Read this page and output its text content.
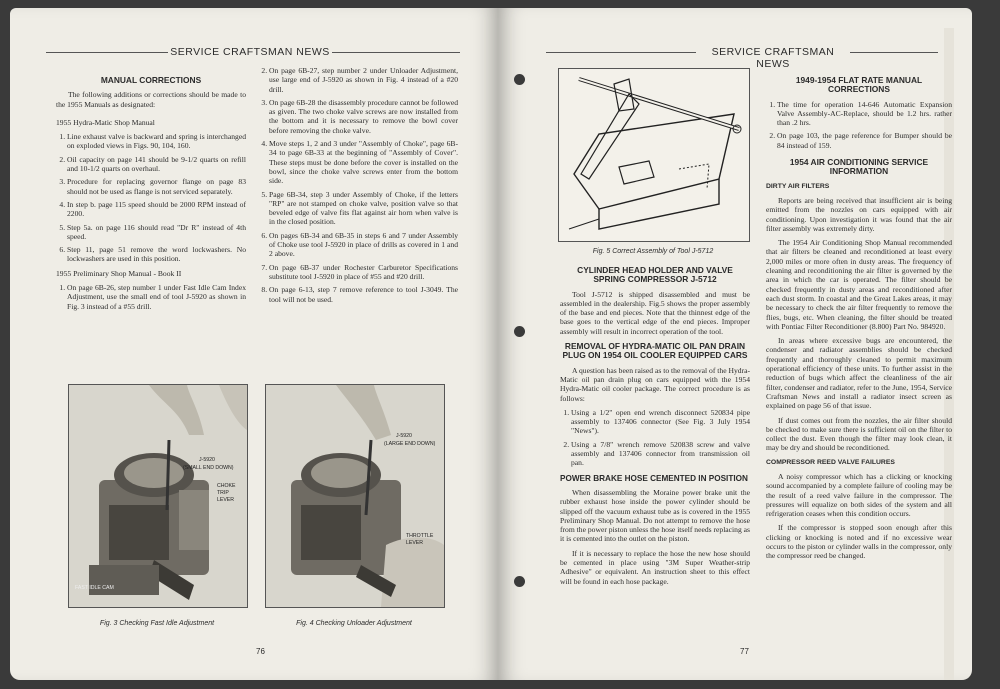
SERVICE CRAFTSMAN NEWS
MANUAL CORRECTIONS

The following additions or corrections should be made to the 1955 Manuals as designated:

1955 Hydra-Matic Shop Manual

1. Line exhaust valve is backward and spring is interchanged on exploded views in Figs. 90, 104, 160.
2. Oil capacity on page 141 should be 9-1/2 quarts on refill and 10-1/2 quarts on overhaul.
3. Procedure for replacing governor flange on page 83 should not be used as flange is not serviced separately.
4. In step b. page 115 speed should be 2000 RPM instead of 2200.
5. Step 5a. on page 116 should read "Dr R" instead of 4th speed.
6. Step 11, page 51 remove the word lockwashers. No lockwashers are used in this position.

1955 Preliminary Shop Manual - Book II

1. On page 6B-26, step number 1 under Fast Idle Cam Index Adjustment, use the small end of tool J-5920 as shown in Fig. 3 instead of a #55 drill.
2. On page 6B-27, step number 2 under Unloader Adjustment, use large end of J-5920 as shown in Fig. 4 instead of a #20 drill.
3. On page 6B-28 the disassembly procedure cannot be followed as given. The two choke valve screws are now installed from the bottom and it is necessary to remove the bowl cover before removing the choke valve.
4. Move steps 1, 2 and 3 under "Assembly of Choke", page 6B-34 to page 6B-33 at the beginning of "Assembly of Cover". These steps must be done before the cover is installed on the bowl, since the choke valve screws enter from the bottom side.
5. Page 6B-34, step 3 under Assembly of Choke, if the letters "RP" are not stamped on choke valve, position valve so that beveled edge of valve fits flat against air horn when valve is in the closed position.
6. On pages 6B-34 and 6B-35 in steps 6 and 7 under Assembly of Choke use tool J-5920 in place of drills as covered in 1 and 2 above.
7. On page 6B-37 under Rochester Carburetor Specifications substitute tool J-5920 in place of #55 and #20 drill.
8. On page 6-13, step 7 remove reference to tool J-3049. The tool will not be used.
J-5920
(SMALL END DOWN)
CHOKE
TRIP
LEVER
FAST IDLE CAM
Fig. 3 Checking Fast Idle Adjustment
J-5920
(LARGE END DOWN)
THROTTLE
LEVER
Fig. 4 Checking Unloader Adjustment
76
SERVICE CRAFTSMAN NEWS
Fig. 5 Correct Assembly of Tool J-5712
CYLINDER HEAD HOLDER AND VALVE SPRING COMPRESSOR J-5712

Tool J-5712 is shipped disassembled and must be assembled in the dealership. Fig.5 shows the proper assembly of the base and end pieces. Note that the thinnest edge of the base goes to the vertical edge of the end pieces. Improper assembly will result in incorrect operation of the tool.

REMOVAL OF HYDRA-MATIC OIL PAN DRAIN PLUG ON 1954 OIL COOLER EQUIPPED CARS

A question has been raised as to the removal of the Hydra-Matic oil pan drain plug on cars equipped with the 1954 Hydra-Matic oil cooler package. The correct procedure is as follows:

1. Using a 1/2" open end wrench disconnect 520834 pipe assembly to 137406 connector (See Fig. 3 July 1954 "News").
2. Using a 7/8" wrench remove 520838 screw and valve assembly and 137406 connector from transmission oil pan.
POWER BRAKE HOSE CEMENTED IN POSITION

When disassembling the Moraine power brake unit the rubber exhaust hose inside the power cylinder should be slipped off the vacuum exhaust tube as is covered in the 1955 Preliminary Shop Manual. Do not attempt to remove the hose from the power piston unless the hose itself needs replacing as it is cemented into the outlet on the piston.

If it is necessary to replace the hose the new hose should be cemented in place using "3M Super Weather-strip Adhesive" or equivalent. An instruction sheet to this effect will be found in each hose package.

1949-1954 FLAT RATE MANUAL CORRECTIONS
1. The time for operation 14-646 Automatic Expansion Valve Assembly-AC-Replace, should be 1.2 hrs. rather than .2 hrs.
2. On page 103, the page reference for Bumper should be 84 instead of 159.
1954 AIR CONDITIONING SERVICE INFORMATION
DIRTY AIR FILTERS

Reports are being received that insufficient air is being emitted from the nozzles on cars equipped with air conditioning. Upon investigation it was found that the air filter assembly was extremely dirty.

The 1954 Air Conditioning Shop Manual recommended that air filters be cleaned and reconditioned at least every 2,000 miles or more often in dusty areas. The frequency of cleaning and reconditioning the air filter is governed by the area in which the car is operated. The filter should be checked frequently in dusty areas and reconditioned after each dust storm. In coastal and the Great Lakes areas, it may be necessary to check the air filter frequently to remove the flies, bugs, etc. When cleaning, the filter should be treated with Pontiac Filter Reconditioner (8.800) Part No. 984920.

In areas where excessive bugs are encountered, the condenser and radiator assemblies should be checked frequently and thoroughly cleaned to permit maximum operational efficiency of these units. To further assist in the reduction of bugs which affect the cleanliness of the air filter, condenser and radiator, refer to the June, 1954, Service Craftsman News and install a radiator insect screen as explained on page 56 of that issue.

If dust comes out from the nozzles, the air filter should be checked to make sure there is sufficient oil on the filter to collect the dust. Even though the filter may look clean, it may be dry and should be reconditioned.

COMPRESSOR REED VALVE FAILURES

A noisy compressor which has a clicking or knocking sound accompanied by a complete failure of cooling may be the result of a reed valve failure in the compressor. The pressures will equalize on both sides of the system and all refrigeration ceases when this condition occurs.

If the compressor is stopped soon enough after this clicking or knocking is noted and if no excessive wear occurs to the piston or cylinder walls in the compressor, only the compressor reed be changed.

77
